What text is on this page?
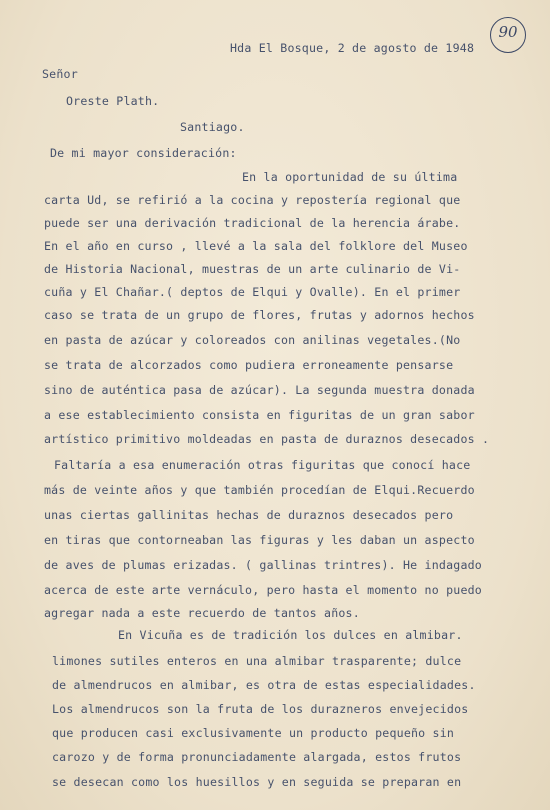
90
Hda El Bosque, 2 de agosto de 1948
Señor
Oreste Plath.
Santiago.
De mi mayor consideración:
En la oportunidad de su última
carta Ud, se refirió a la cocina y repostería regional que
puede ser una derivación tradicional de la herencia árabe.
En el año en curso , llevé a la sala del folklore del Museo
de Historia Nacional, muestras de un arte culinario de Vi-
cuña y El Chañar.( deptos de Elqui y Ovalle). En el primer
caso se trata de un grupo de flores, frutas y adornos hechos
en pasta de azúcar y coloreados con anilinas vegetales.(No
se trata de alcorzados como pudiera erroneamente pensarse
sino de auténtica pasa de azúcar). La segunda muestra donada
a ese establecimiento consista en figuritas de un gran sabor
artístico primitivo moldeadas en pasta de duraznos desecados .
Faltaría a esa enumeración otras figuritas que conocí hace
más de veinte años y que también procedían de Elqui.Recuerdo
unas ciertas gallinitas hechas de duraznos desecados pero
en tiras que contorneaban las figuras y les daban un aspecto
de aves de plumas erizadas. ( gallinas trintres). He indagado
acerca de este arte vernáculo, pero hasta el momento no puedo
agregar nada a este recuerdo de tantos años.
En Vicuña es de tradición los dulces en almibar.
limones sutiles enteros en una almibar trasparente; dulce
de almendrucos en almibar, es otra de estas especialidades.
Los almendrucos son la fruta de los durazneros envejecidos
que producen casi exclusivamente un producto pequeño sin
carozo y de forma pronunciadamente alargada, estos frutos
se desecan como los huesillos y en seguida se preparan en
